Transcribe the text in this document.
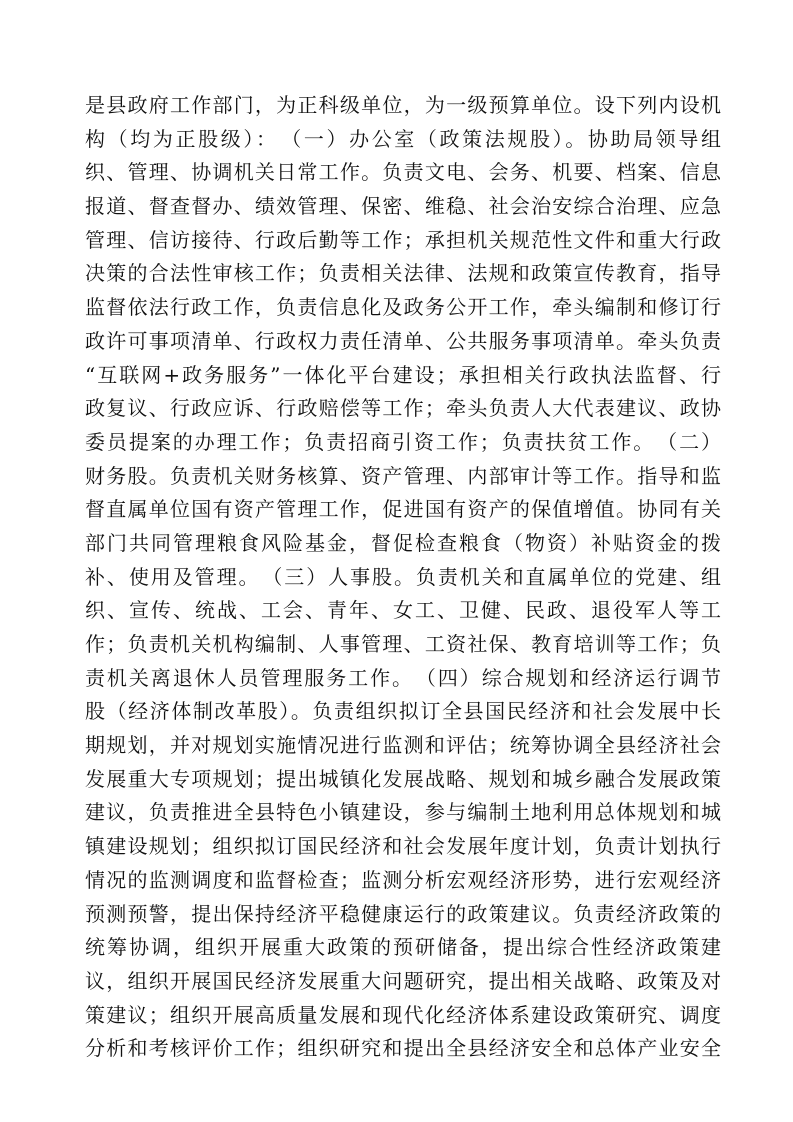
是县政府工作部门，为正科级单位，为一级预算单位。设下列内设机
构（均为正股级）：　（一）办公室（政策法规股）。协助局领导组
织、管理、协调机关日常工作。负责文电、会务、机要、档案、信息
报道、督查督办、绩效管理、保密、维稳、社会治安综合治理、应急
管理、信访接待、行政后勤等工作；承担机关规范性文件和重大行政
决策的合法性审核工作；负责相关法律、法规和政策宣传教育，指导
监督依法行政工作，负责信息化及政务公开工作，牵头编制和修订行
政许可事项清单、行政权力责任清单、公共服务事项清单。牵头负责
“互联网+政务服务”一体化平台建设；承担相关行政执法监督、行
政复议、行政应诉、行政赔偿等工作；牵头负责人大代表建议、政协
委员提案的办理工作；负责招商引资工作；负责扶贫工作。　（二）
财务股。负责机关财务核算、资产管理、内部审计等工作。指导和监
督直属单位国有资产管理工作，促进国有资产的保值增值。协同有关
部门共同管理粮食风险基金，督促检查粮食（物资）补贴资金的拨
补、使用及管理。　（三）人事股。负责机关和直属单位的党建、组
织、宣传、统战、工会、青年、女工、卫健、民政、退役军人等工
作；负责机关机构编制、人事管理、工资社保、教育培训等工作；负
责机关离退休人员管理服务工作。　（四）综合规划和经济运行调节
股（经济体制改革股）。负责组织拟订全县国民经济和社会发展中长
期规划，并对规划实施情况进行监测和评估；统筹协调全县经济社会
发展重大专项规划；提出城镇化发展战略、规划和城乡融合发展政策
建议，负责推进全县特色小镇建设，参与编制土地利用总体规划和城
镇建设规划；组织拟订国民经济和社会发展年度计划，负责计划执行
情况的监测调度和监督检查；监测分析宏观经济形势，进行宏观经济
预测预警，提出保持经济平稳健康运行的政策建议。负责经济政策的
统筹协调，组织开展重大政策的预研储备，提出综合性经济政策建
议，组织开展国民经济发展重大问题研究，提出相关战略、政策及对
策建议；组织开展高质量发展和现代化经济体系建设政策研究、调度
分析和考核评价工作；组织研究和提出全县经济安全和总体产业安全
